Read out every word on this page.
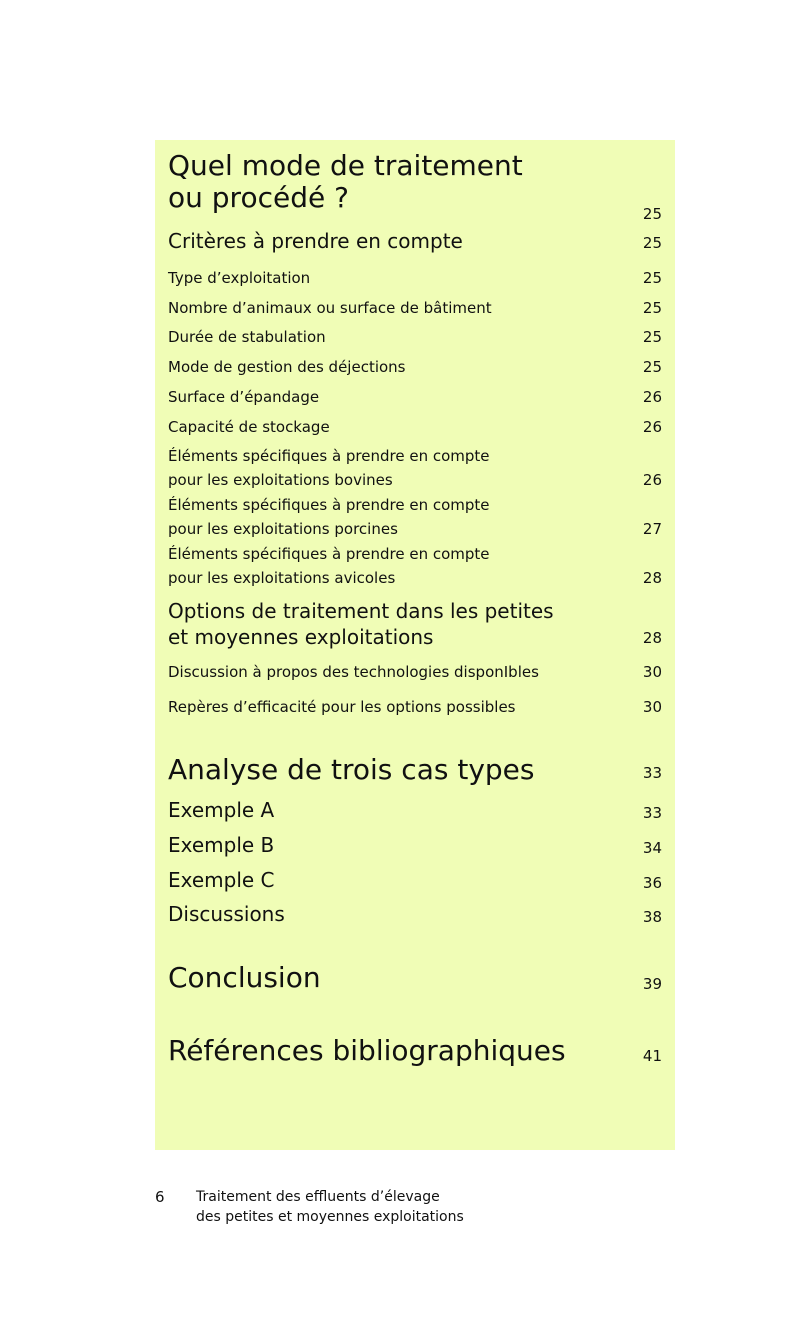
Quel mode de traitement
ou procédé ?	25
Critères à prendre en compte	25
Type d’exploitation	25
Nombre d’animaux ou surface de bâtiment	25
Durée de stabulation	25
Mode de gestion des déjections	25
Surface d’épandage	26
Capacité de stockage	26
Éléments spécifiques à prendre en compte
pour les exploitations bovines	26
Éléments spécifiques à prendre en compte
pour les exploitations porcines	27
Éléments spécifiques à prendre en compte
pour les exploitations avicoles	28
Options de traitement dans les petites
et moyennes exploitations	28
Discussion à propos des technologies disponIbles	30
Repères d’efficacité pour les options possibles	30
Analyse de trois cas types	33
Exemple A	33
Exemple B	34
Exemple C	36
Discussions	38
Conclusion	39
Références bibliographiques	41
6 Traitement des effluents d’élevage
des petites et moyennes exploitations
